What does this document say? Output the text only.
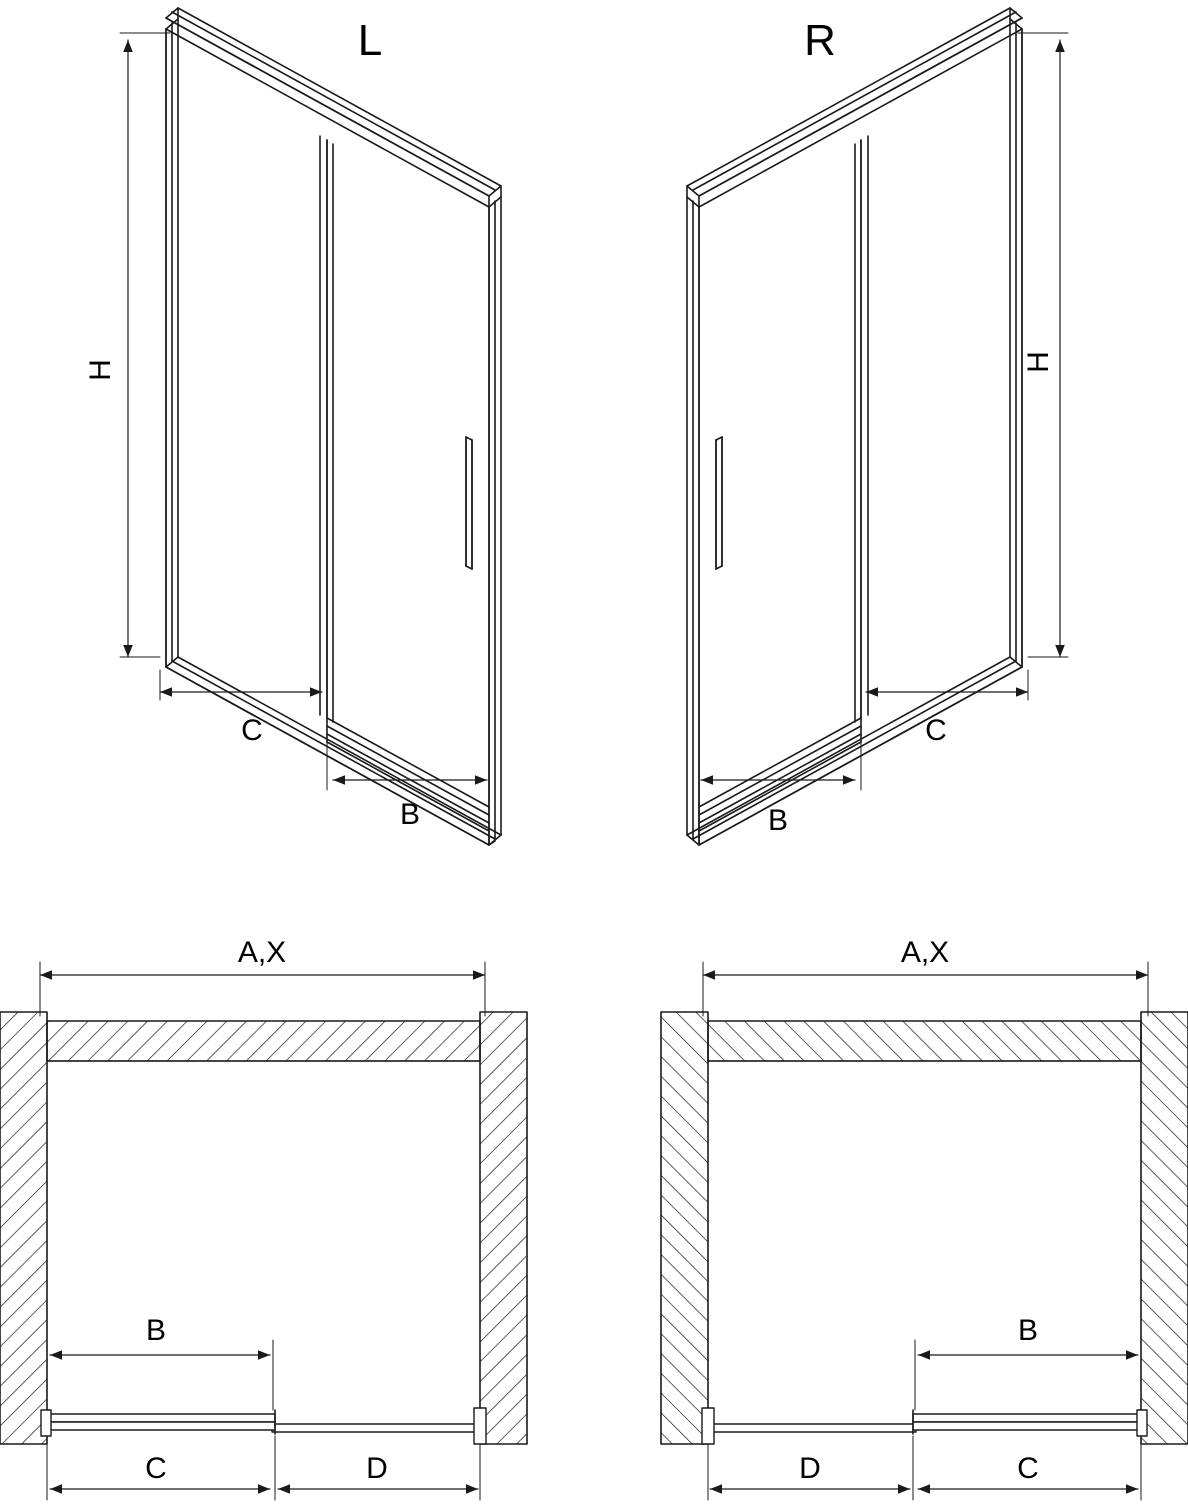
L	R
H	H
C
B
C
B
A,X	A,X
B	B
C	D	D	C
